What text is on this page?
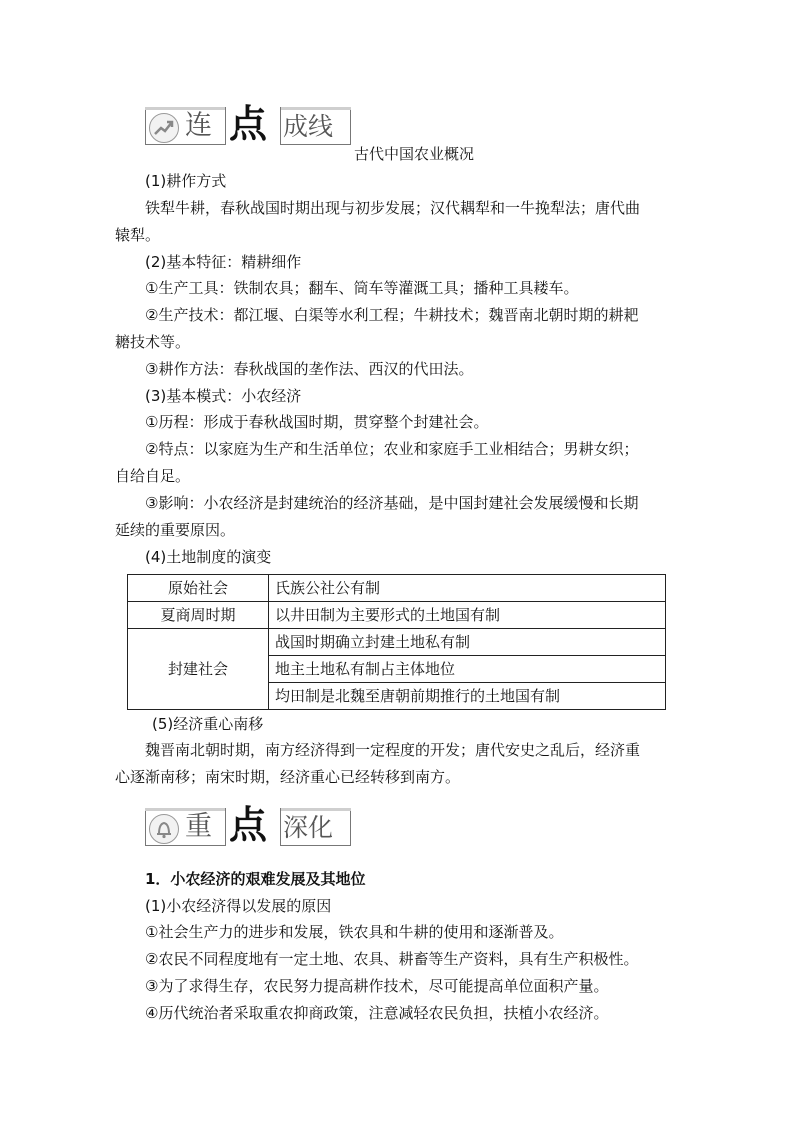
连 点 成线
古代中国农业概况
(1)耕作方式
铁犁牛耕，春秋战国时期出现与初步发展；汉代耦犁和一牛挽犁法；唐代曲
辕犁。
(2)基本特征：精耕细作
①生产工具：铁制农具；翻车、筒车等灌溉工具；播种工具耧车。
②生产技术：都江堰、白渠等水利工程；牛耕技术；魏晋南北朝时期的耕耙
耱技术等。
③耕作方法：春秋战国的垄作法、西汉的代田法。
(3)基本模式：小农经济
①历程：形成于春秋战国时期，贯穿整个封建社会。
②特点：以家庭为生产和生活单位；农业和家庭手工业相结合；男耕女织；
自给自足。
③影响：小农经济是封建统治的经济基础，是中国封建社会发展缓慢和长期
延续的重要原因。
(4)土地制度的演变
原始社会	氏族公社公有制
夏商周时期	以井田制为主要形式的土地国有制
封建社会	战国时期确立封建土地私有制
	地主土地私有制占主体地位
	均田制是北魏至唐朝前期推行的土地国有制
(5)经济重心南移
魏晋南北朝时期，南方经济得到一定程度的开发；唐代安史之乱后，经济重
心逐渐南移；南宋时期，经济重心已经转移到南方。
重 点 深化
1．小农经济的艰难发展及其地位
(1)小农经济得以发展的原因
①社会生产力的进步和发展，铁农具和牛耕的使用和逐渐普及。
②农民不同程度地有一定土地、农具、耕畜等生产资料，具有生产积极性。
③为了求得生存，农民努力提高耕作技术，尽可能提高单位面积产量。
④历代统治者采取重农抑商政策，注意减轻农民负担，扶植小农经济。
